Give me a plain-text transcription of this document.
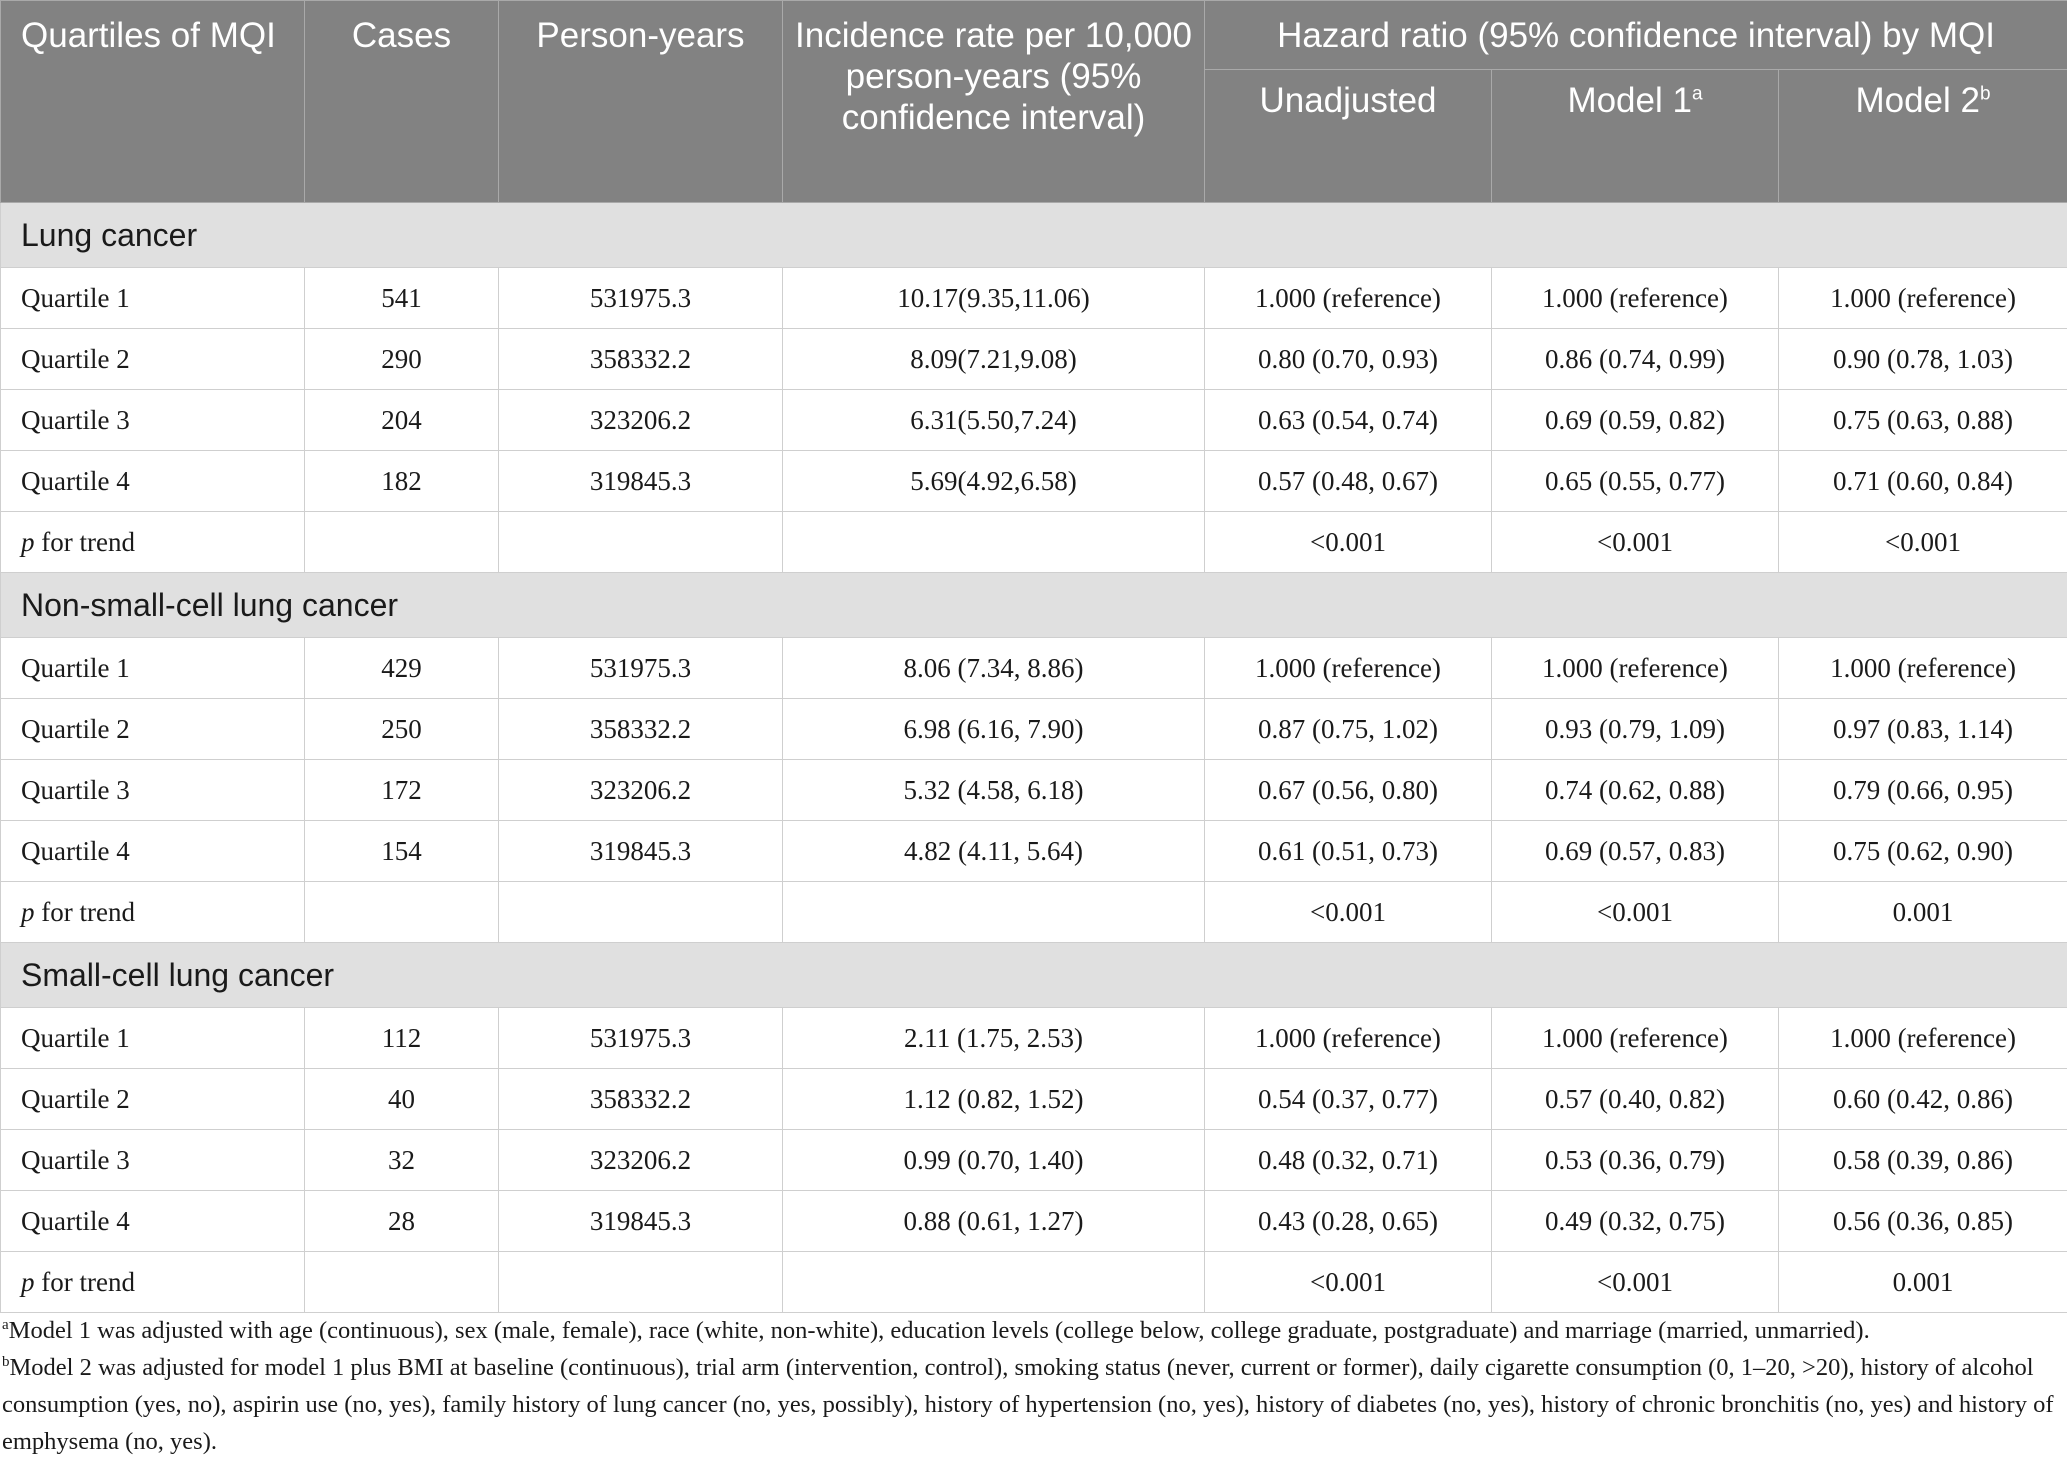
Quartiles of MQI	Cases	Person-years	Incidence rate per 10,000 person-years (95% confidence interval)	Hazard ratio (95% confidence interval) by MQI		
				Unadjusted	Model 1$^a$	Model 2$^b$
Lung cancer						
Quartile 1	541	531975.3	10.17(9.35,11.06)	1.000 (reference)	1.000 (reference)	1.000 (reference)
Quartile 2	290	358332.2	8.09(7.21,9.08)	0.80 (0.70, 0.93)	0.86 (0.74, 0.99)	0.90 (0.78, 1.03)
Quartile 3	204	323206.2	6.31(5.50,7.24)	0.63 (0.54, 0.74)	0.69 (0.59, 0.82)	0.75 (0.63, 0.88)
Quartile 4	182	319845.3	5.69(4.92,6.58)	0.57 (0.48, 0.67)	0.65 (0.55, 0.77)	0.71 (0.60, 0.84)
p for trend				<0.001	<0.001	<0.001
Non-small-cell lung cancer						
Quartile 1	429	531975.3	8.06 (7.34, 8.86)	1.000 (reference)	1.000 (reference)	1.000 (reference)
Quartile 2	250	358332.2	6.98 (6.16, 7.90)	0.87 (0.75, 1.02)	0.93 (0.79, 1.09)	0.97 (0.83, 1.14)
Quartile 3	172	323206.2	5.32 (4.58, 6.18)	0.67 (0.56, 0.80)	0.74 (0.62, 0.88)	0.79 (0.66, 0.95)
Quartile 4	154	319845.3	4.82 (4.11, 5.64)	0.61 (0.51, 0.73)	0.69 (0.57, 0.83)	0.75 (0.62, 0.90)
p for trend				<0.001	<0.001	0.001
Small-cell lung cancer						
Quartile 1	112	531975.3	2.11 (1.75, 2.53)	1.000 (reference)	1.000 (reference)	1.000 (reference)
Quartile 2	40	358332.2	1.12 (0.82, 1.52)	0.54 (0.37, 0.77)	0.57 (0.40, 0.82)	0.60 (0.42, 0.86)
Quartile 3	32	323206.2	0.99 (0.70, 1.40)	0.48 (0.32, 0.71)	0.53 (0.36, 0.79)	0.58 (0.39, 0.86)
Quartile 4	28	319845.3	0.88 (0.61, 1.27)	0.43 (0.28, 0.65)	0.49 (0.32, 0.75)	0.56 (0.36, 0.85)
p for trend				<0.001	<0.001	0.001

$^a$Model 1 was adjusted with age (continuous), sex (male, female), race (white, non-white), education levels (college below, college graduate, postgraduate) and marriage (married, unmarried).

$^b$Model 2 was adjusted for model 1 plus BMI at baseline (continuous), trial arm (intervention, control), smoking status (never, current or former), daily cigarette consumption (0, 1–20, >20), history of alcohol consumption (yes, no), aspirin use (no, yes), family history of lung cancer (no, yes, possibly), history of hypertension (no, yes), history of diabetes (no, yes), history of chronic bronchitis (no, yes) and history of emphysema (no, yes).
